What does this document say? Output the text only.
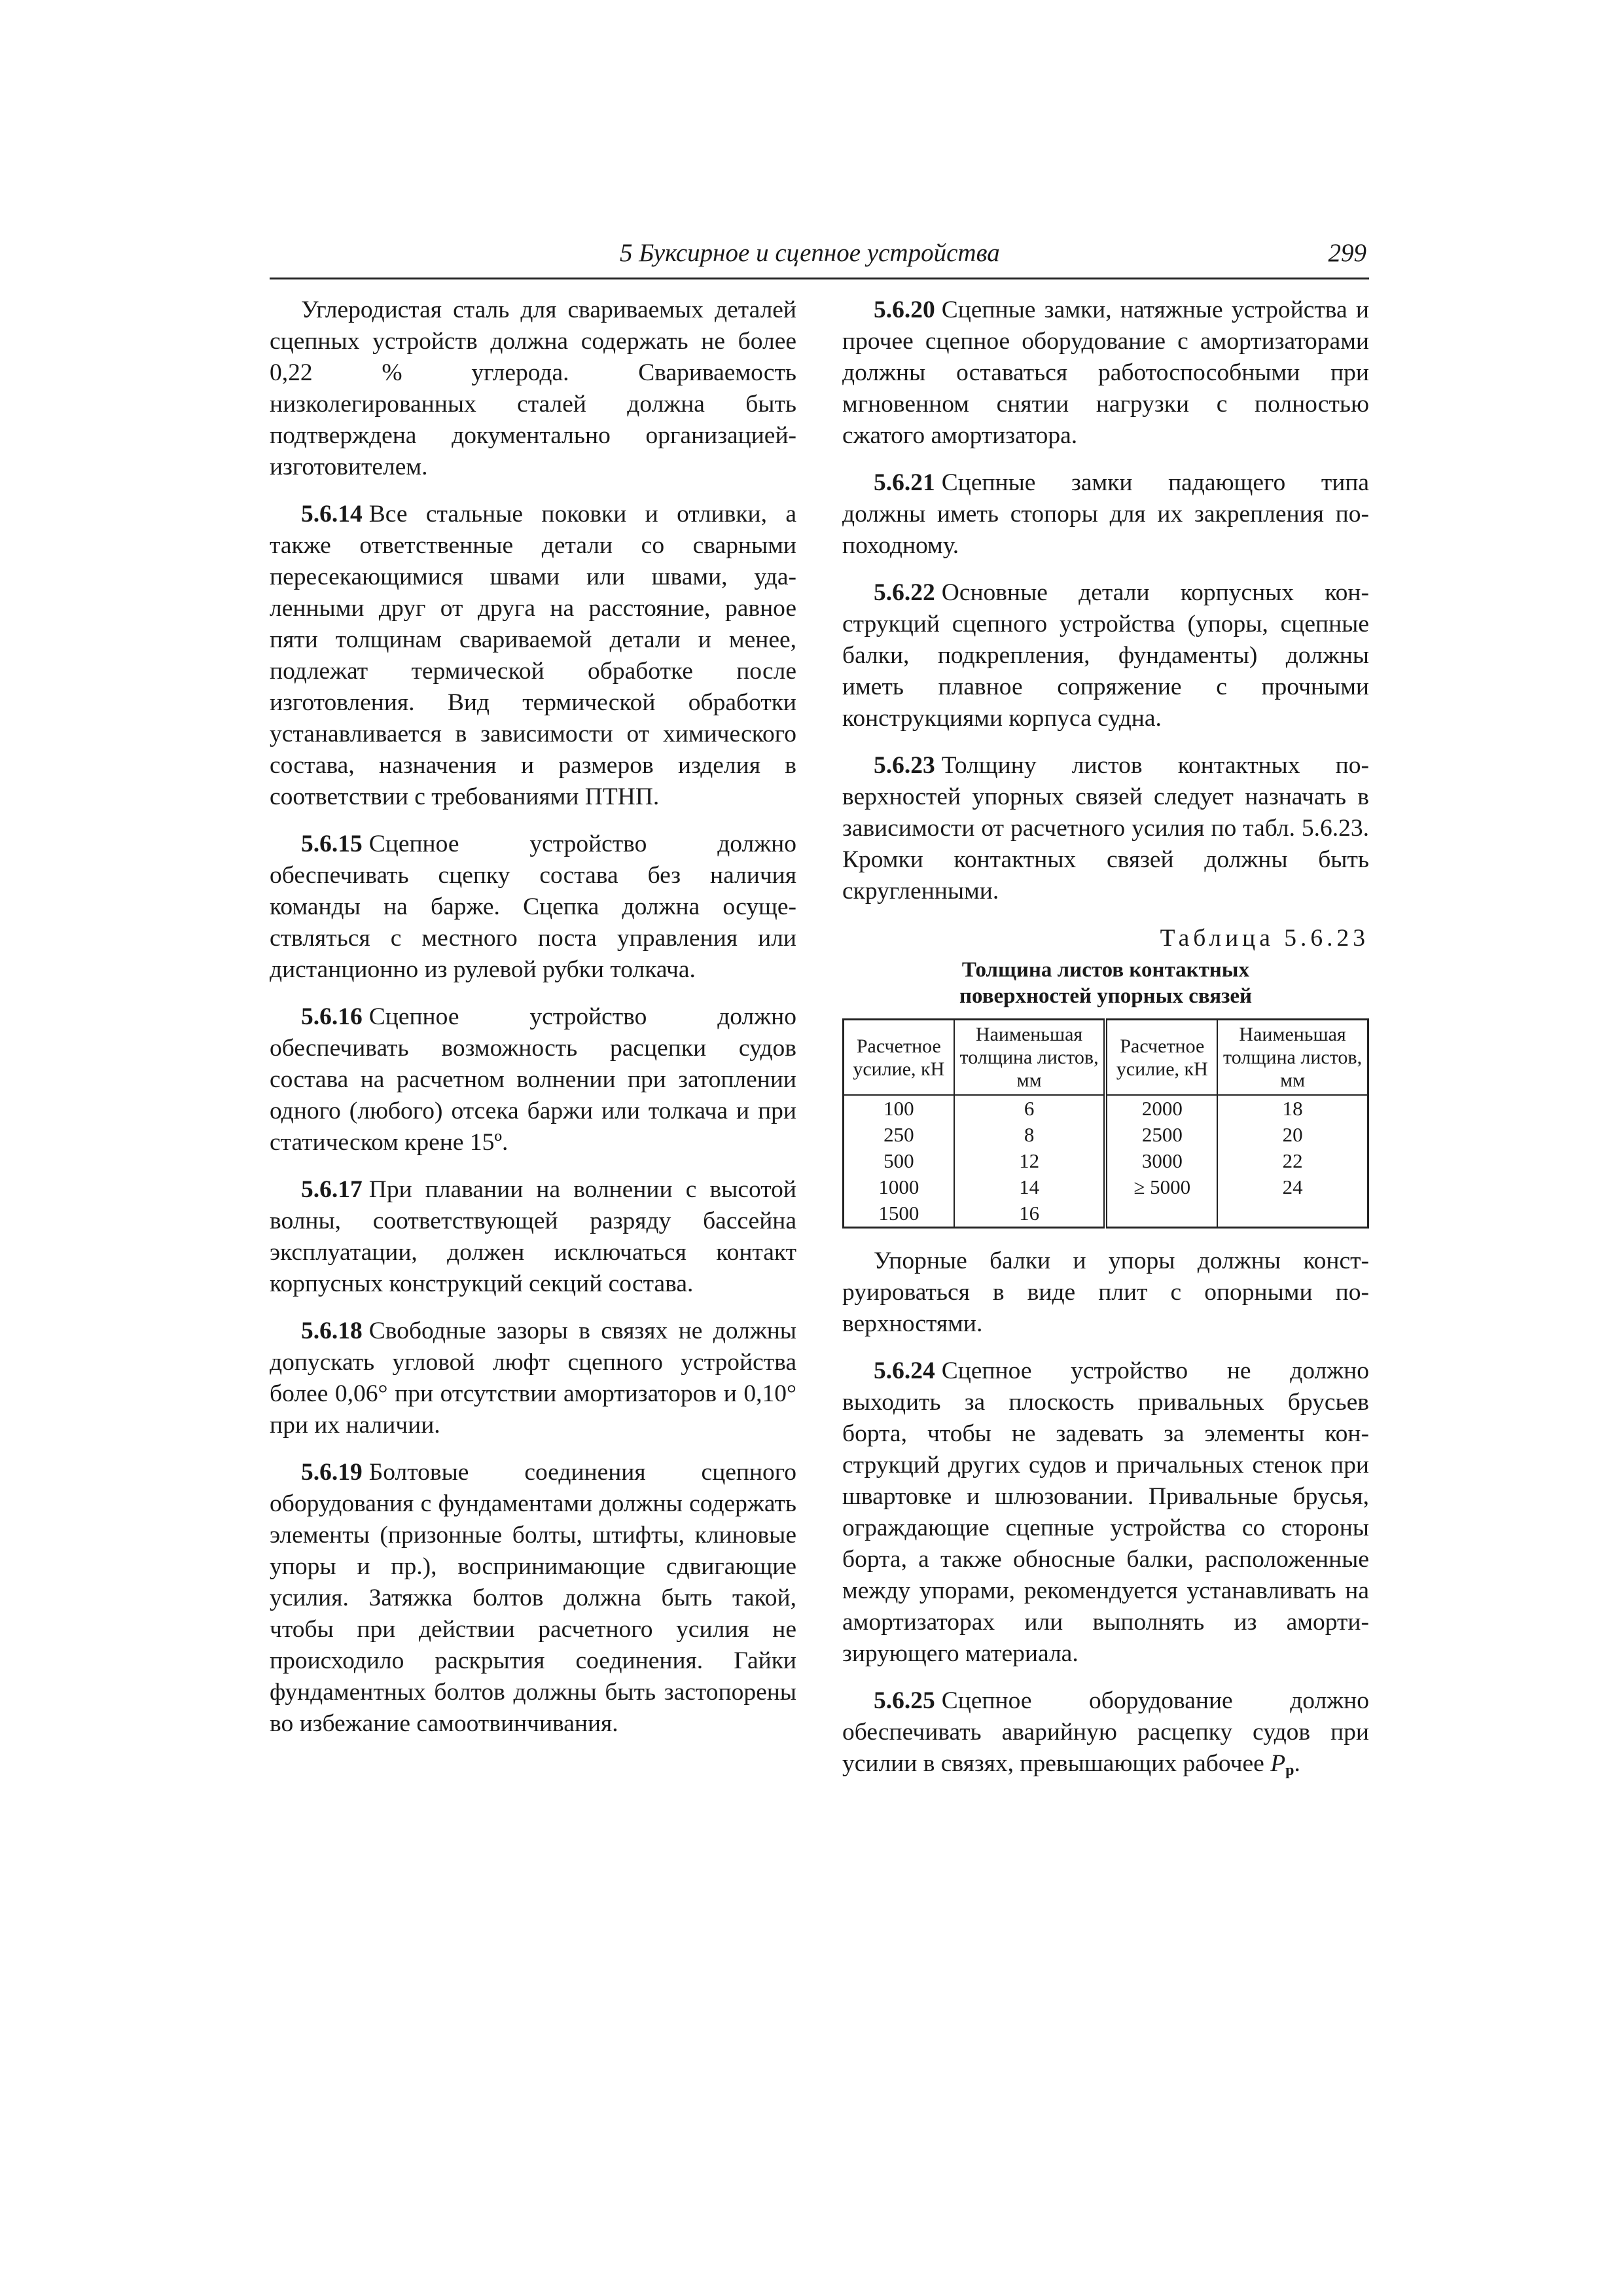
5 Буксирное и сцепное устройства	299

Углеродистая сталь для свариваемых деталей сцепных устройств должна содержать не более 0,22 % углерода. Свариваемость низколегированных сталей должна быть подтверждена документально организацией-изготовителем.

5.6.14 Все стальные поковки и отливки, а также ответственные детали со сварными пересекающимися швами или швами, удаленными друг от друга на расстояние, равное пяти толщинам свариваемой детали и менее, подлежат термической обработке после изготовления. Вид термической обработки устанавливается в зависимости от химического состава, назначения и размеров изделия в соответствии с требованиями ПТНП.

5.6.15 Сцепное устройство должно обеспечивать сцепку состава без наличия команды на барже. Сцепка должна осуществляться с местного поста управления или дистанционно из рулевой рубки толкача.

5.6.16 Сцепное устройство должно обеспечивать возможность расцепки судов состава на расчетном волнении при затоплении одного (любого) отсека баржи или толкача и при статическом крене 15º.

5.6.17 При плавании на волнении с высотой волны, соответствующей разряду бассейна эксплуатации, должен исключаться контакт корпусных конструкций секций состава.

5.6.18 Свободные зазоры в связях не должны допускать угловой люфт сцепного устройства более 0,06° при отсутствии амортизаторов и 0,10° при их наличии.

5.6.19 Болтовые соединения сцепного оборудования с фундаментами должны содержать элементы (призонные болты, штифты, клиновые упоры и пр.), воспринимающие сдвигающие усилия. Затяжка болтов должна быть такой, чтобы при действии расчетного усилия не происходило раскрытия соединения. Гайки фундаментных болтов должны быть застопорены во избежание самоотвинчивания.

5.6.20 Сцепные замки, натяжные устройства и прочее сцепное оборудование с амортизаторами должны оставаться работоспособными при мгновенном снятии нагрузки с полностью сжатого амортизатора.

5.6.21 Сцепные замки падающего типа должны иметь стопоры для их закрепления по-походному.

5.6.22 Основные детали корпусных конструкций сцепного устройства (упоры, сцепные балки, подкрепления, фундаменты) должны иметь плавное сопряжение с прочными конструкциями корпуса судна.

5.6.23 Толщину листов контактных поверхностей упорных связей следует назначать в зависимости от расчетного усилия по табл. 5.6.23. Кромки контактных связей должны быть скругленными.

Таблица 5.6.23
Толщина листов контактных поверхностей упорных связей
Расчетное усилие, кН	Наименьшая толщина листов, мм	Расчетное усилие, кН	Наименьшая толщина листов, мм
100	6	2000	18
250	8	2500	20
500	12	3000	22
1000	14	≥ 5000	24
1500	16		

Упорные балки и упоры должны конструироваться в виде плит с опорными поверхностями.

5.6.24 Сцепное устройство не должно выходить за плоскость привальных брусьев борта, чтобы не задевать за элементы конструкций других судов и причальных стенок при швартовке и шлюзовании. Привальные брусья, ограждающие сцепные устройства со стороны борта, а также обносные балки, расположенные между упорами, рекомендуется устанавливать на амортизаторах или выполнять из амортизирующего материала.

5.6.25 Сцепное оборудование должно обеспечивать аварийную расцепку судов при усилии в связях, превышающих рабочее $P_р$.
